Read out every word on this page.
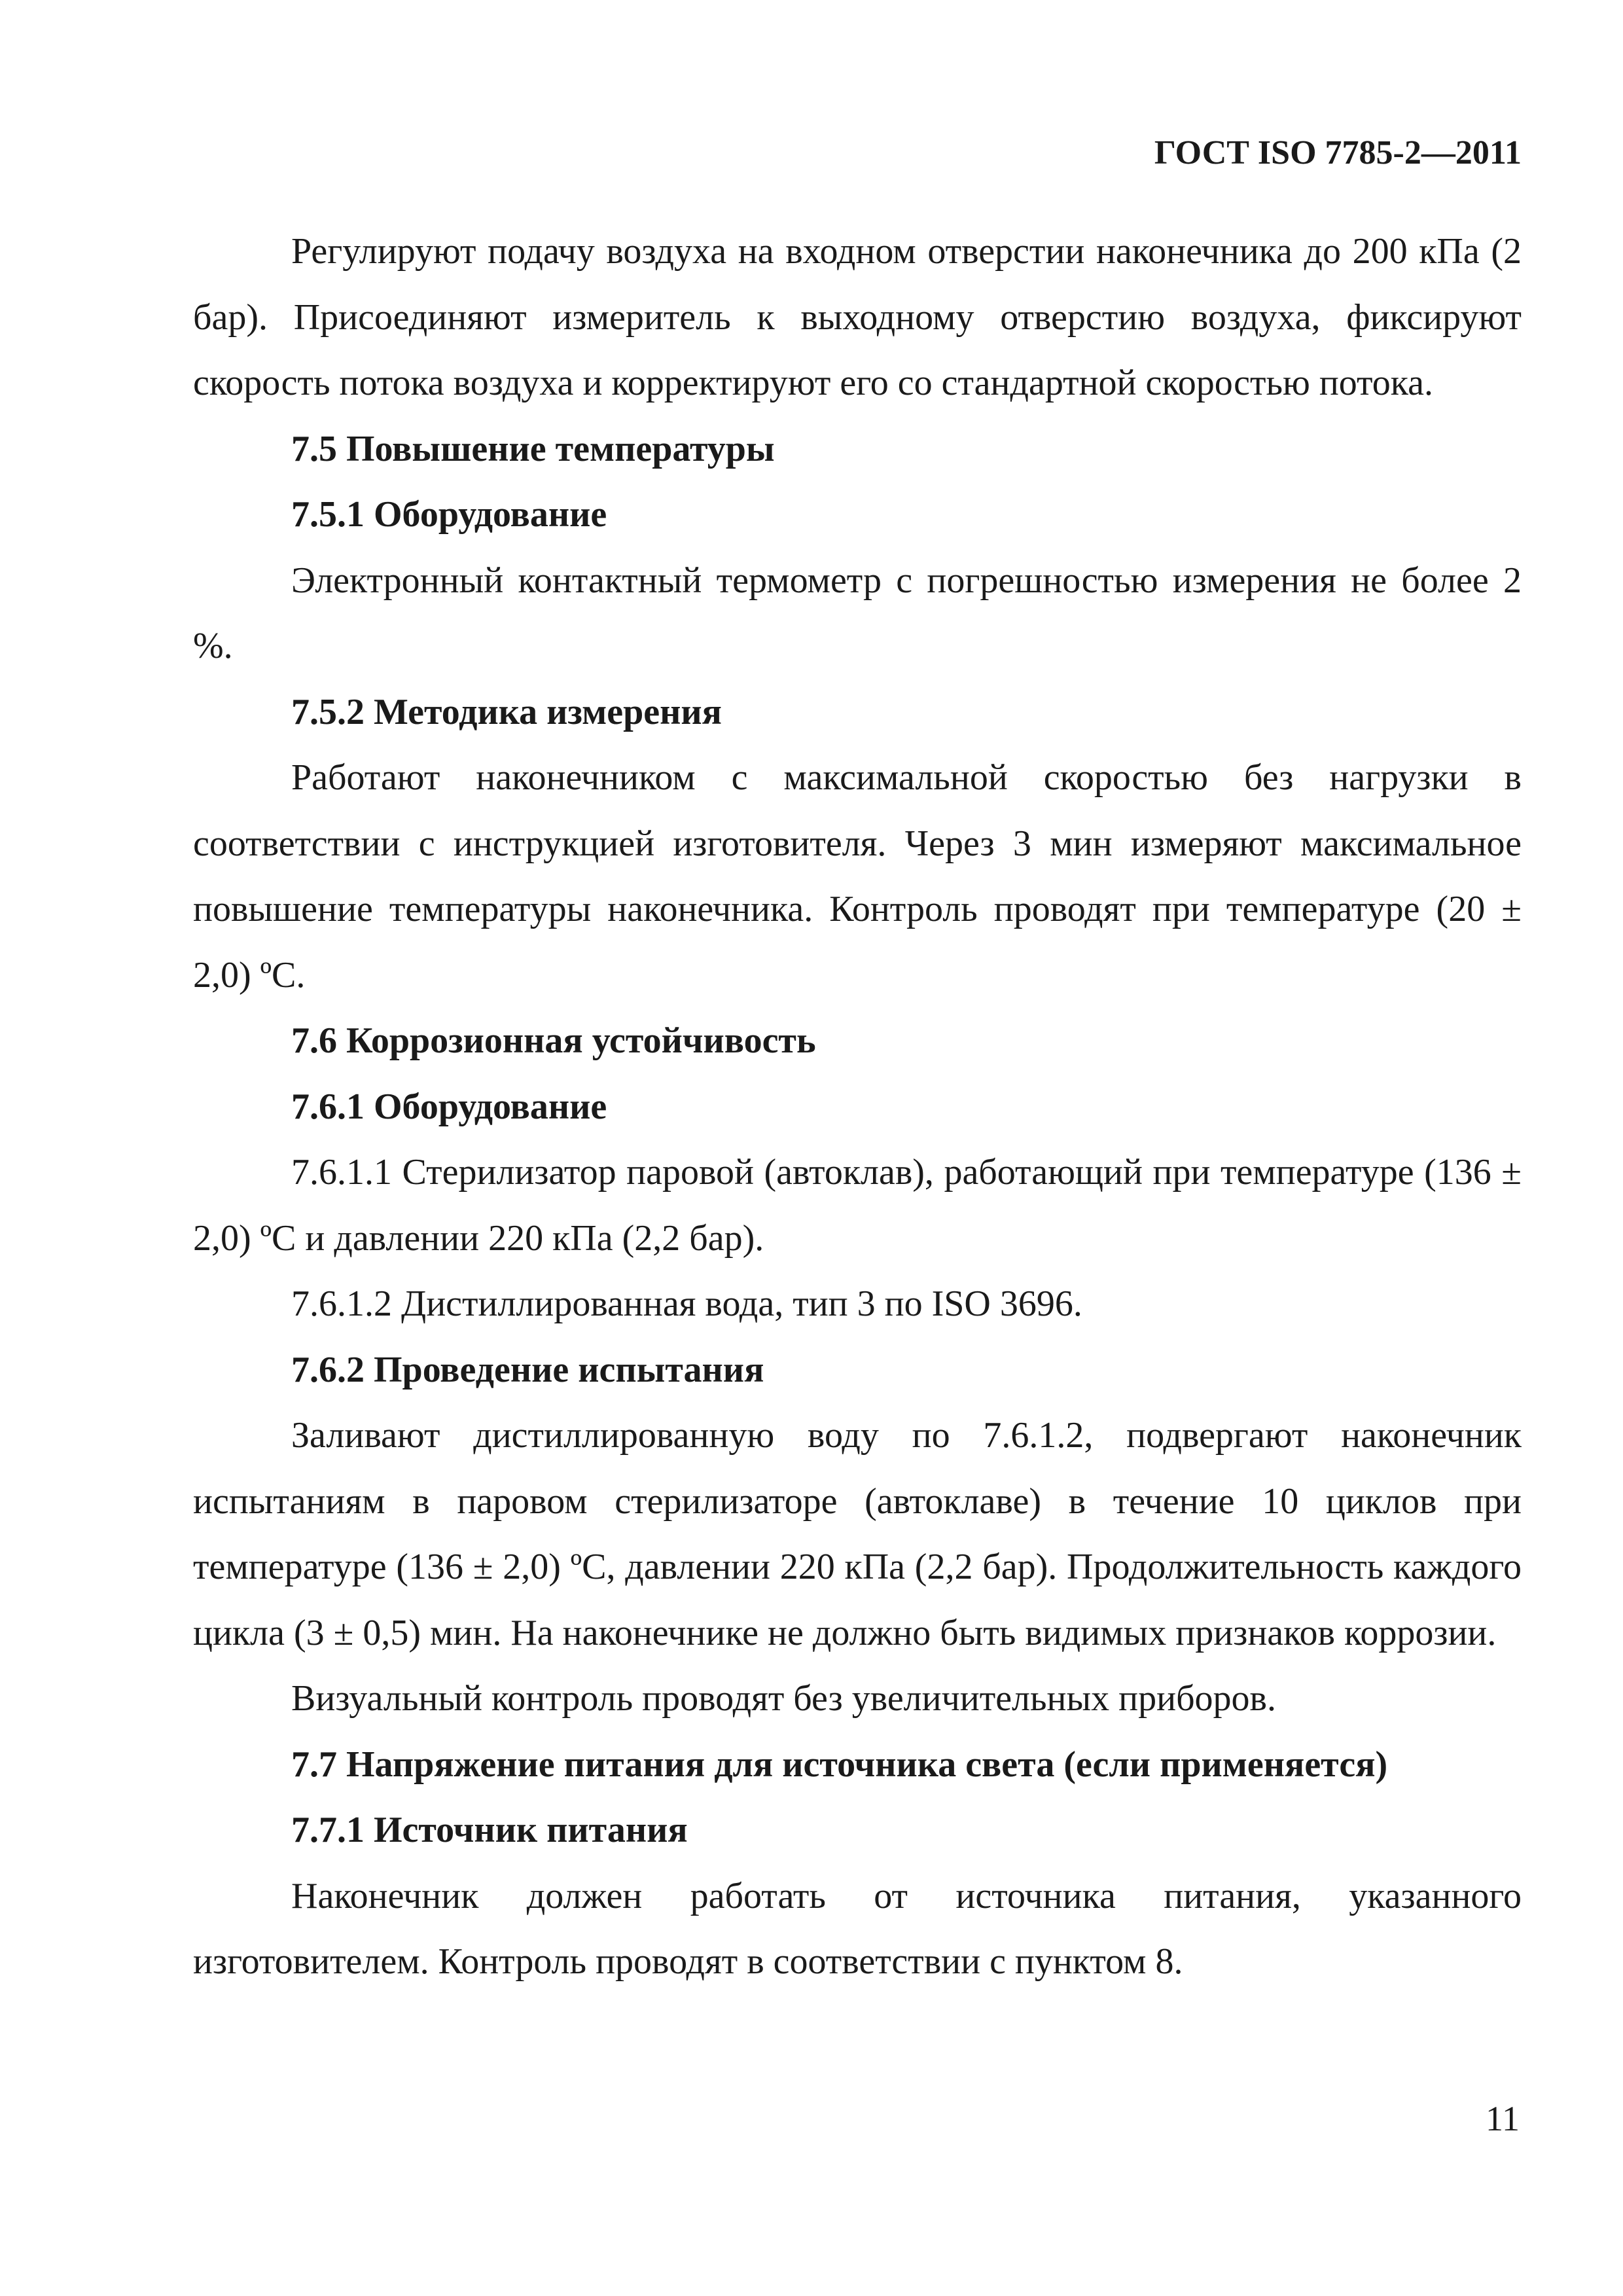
ГОСТ ISO 7785-2—2011

Регулируют подачу воздуха на входном отверстии наконечника до 200 кПа (2 бар). Присоединяют измеритель к выходному отверстию воздуха, фиксируют скорость потока воздуха и корректируют его со стандартной скоростью потока.

7.5 Повышение температуры

7.5.1 Оборудование

Электронный контактный термометр с погрешностью измерения не более 2 %.

7.5.2 Методика измерения

Работают наконечником с максимальной скоростью без нагрузки в соответствии с инструкцией изготовителя. Через 3 мин измеряют максимальное повышение температуры наконечника. Контроль проводят при температуре (20 ± 2,0) ºС.

7.6 Коррозионная устойчивость

7.6.1 Оборудование

7.6.1.1 Стерилизатор паровой (автоклав), работающий при температуре (136 ± 2,0) ºС и давлении 220 кПа (2,2 бар).

7.6.1.2 Дистиллированная вода, тип 3 по ISO 3696.

7.6.2 Проведение испытания

Заливают дистиллированную воду по 7.6.1.2, подвергают наконечник испытаниям в паровом стерилизаторе (автоклаве) в течение 10 циклов при температуре (136 ± 2,0) ºС, давлении 220 кПа (2,2 бар). Продолжительность каждого цикла (3 ± 0,5) мин. На наконечнике не должно быть видимых признаков коррозии.

Визуальный контроль проводят без увеличительных приборов.

7.7 Напряжение питания для источника света (если применяется)

7.7.1 Источник питания

Наконечник должен работать от источника питания, указанного изготовителем. Контроль проводят в соответствии с пунктом 8.

11
